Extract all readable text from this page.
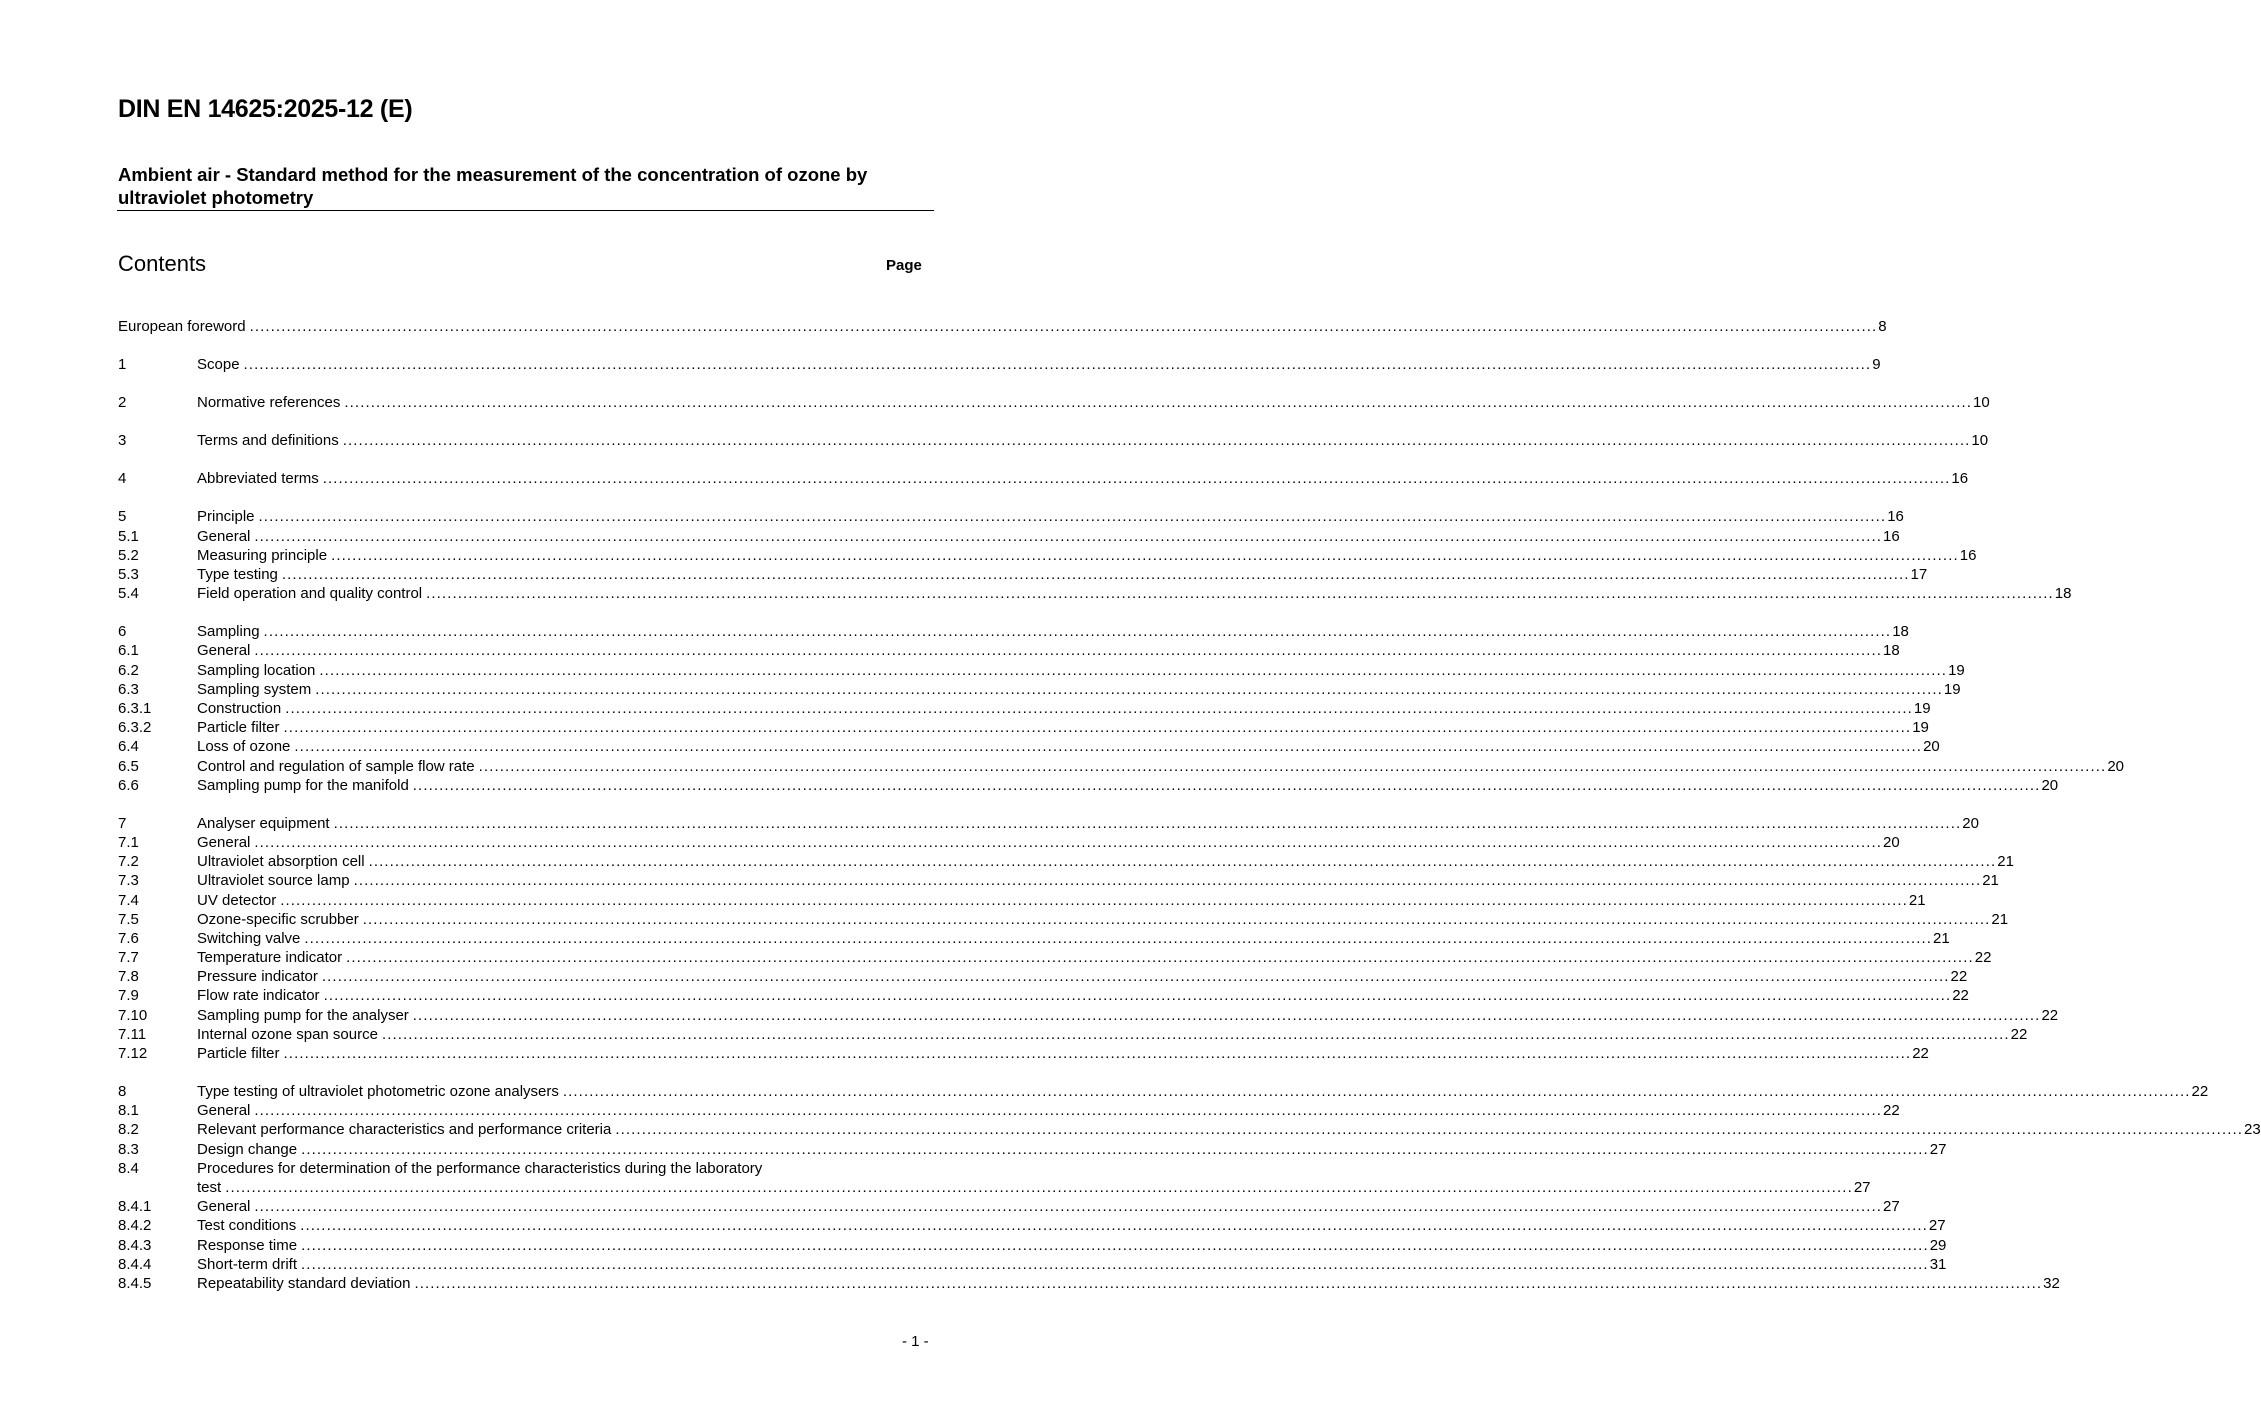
DIN EN 14625:2025-12 (E)
Ambient air - Standard method for the measurement of the concentration of ozone by ultraviolet photometry
Contents	Page
European foreword .....	8
1	Scope .....	9
2	Normative references .....	10
3	Terms and definitions .....	10
4	Abbreviated terms .....	16
5	Principle .....	16
5.1	General .....	16
5.2	Measuring principle .....	16
5.3	Type testing .....	17
5.4	Field operation and quality control .....	18
6	Sampling .....	18
6.1	General .....	18
6.2	Sampling location .....	19
6.3	Sampling system .....	19
6.3.1	Construction .....	19
6.3.2	Particle filter .....	19
6.4	Loss of ozone .....	20
6.5	Control and regulation of sample flow rate .....	20
6.6	Sampling pump for the manifold .....	20
7	Analyser equipment .....	20
7.1	General .....	20
7.2	Ultraviolet absorption cell .....	21
7.3	Ultraviolet source lamp .....	21
7.4	UV detector .....	21
7.5	Ozone-specific scrubber .....	21
7.6	Switching valve .....	21
7.7	Temperature indicator .....	22
7.8	Pressure indicator .....	22
7.9	Flow rate indicator .....	22
7.10	Sampling pump for the analyser .....	22
7.11	Internal ozone span source .....	22
7.12	Particle filter .....	22
8	Type testing of ultraviolet photometric ozone analysers .....	22
8.1	General .....	22
8.2	Relevant performance characteristics and performance criteria .....	23
8.3	Design change .....	27
8.4	Procedures for determination of the performance characteristics during the laboratory
test .....	27
8.4.1	General .....	27
8.4.2	Test conditions .....	27
8.4.3	Response time .....	29
8.4.4	Short-term drift .....	31
8.4.5	Repeatability standard deviation .....	32
- 1 -
